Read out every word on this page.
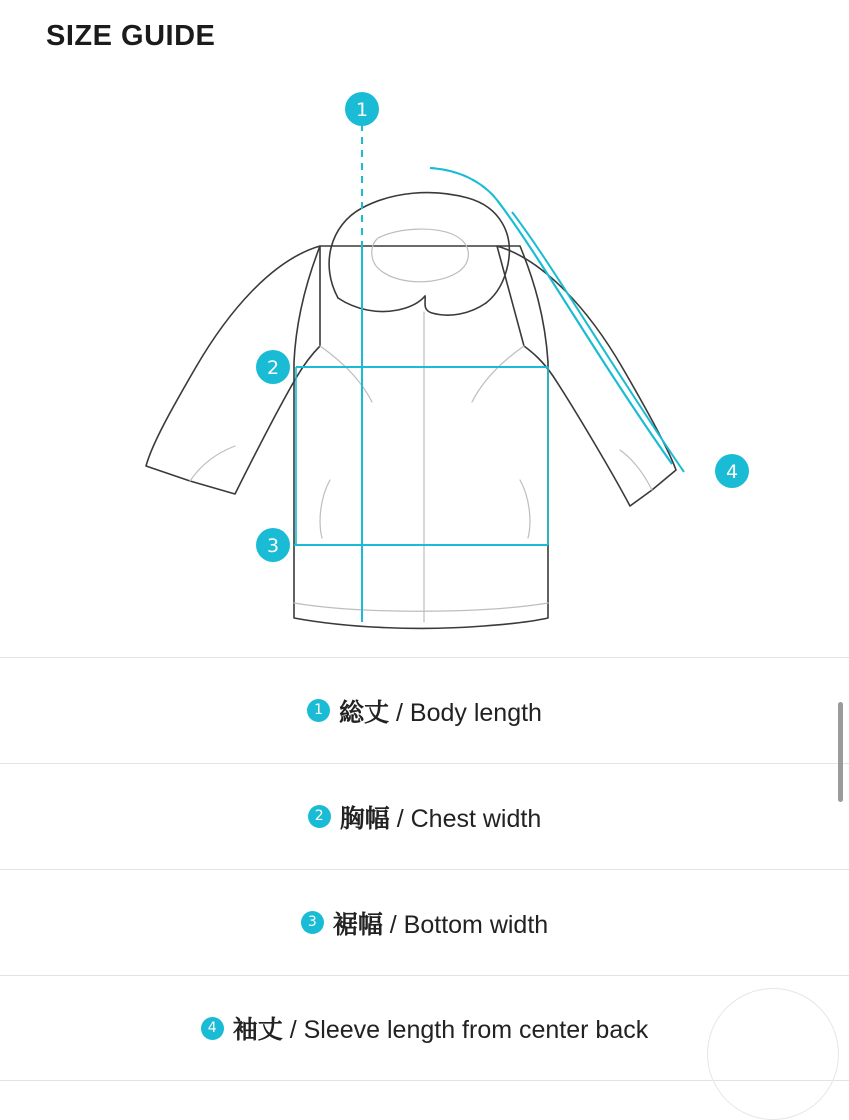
SIZE GUIDE
1
2
3
4
1 総丈 / Body length
2 胸幅 / Chest width
3 裾幅 / Bottom width
4 袖丈 / Sleeve length from center back
